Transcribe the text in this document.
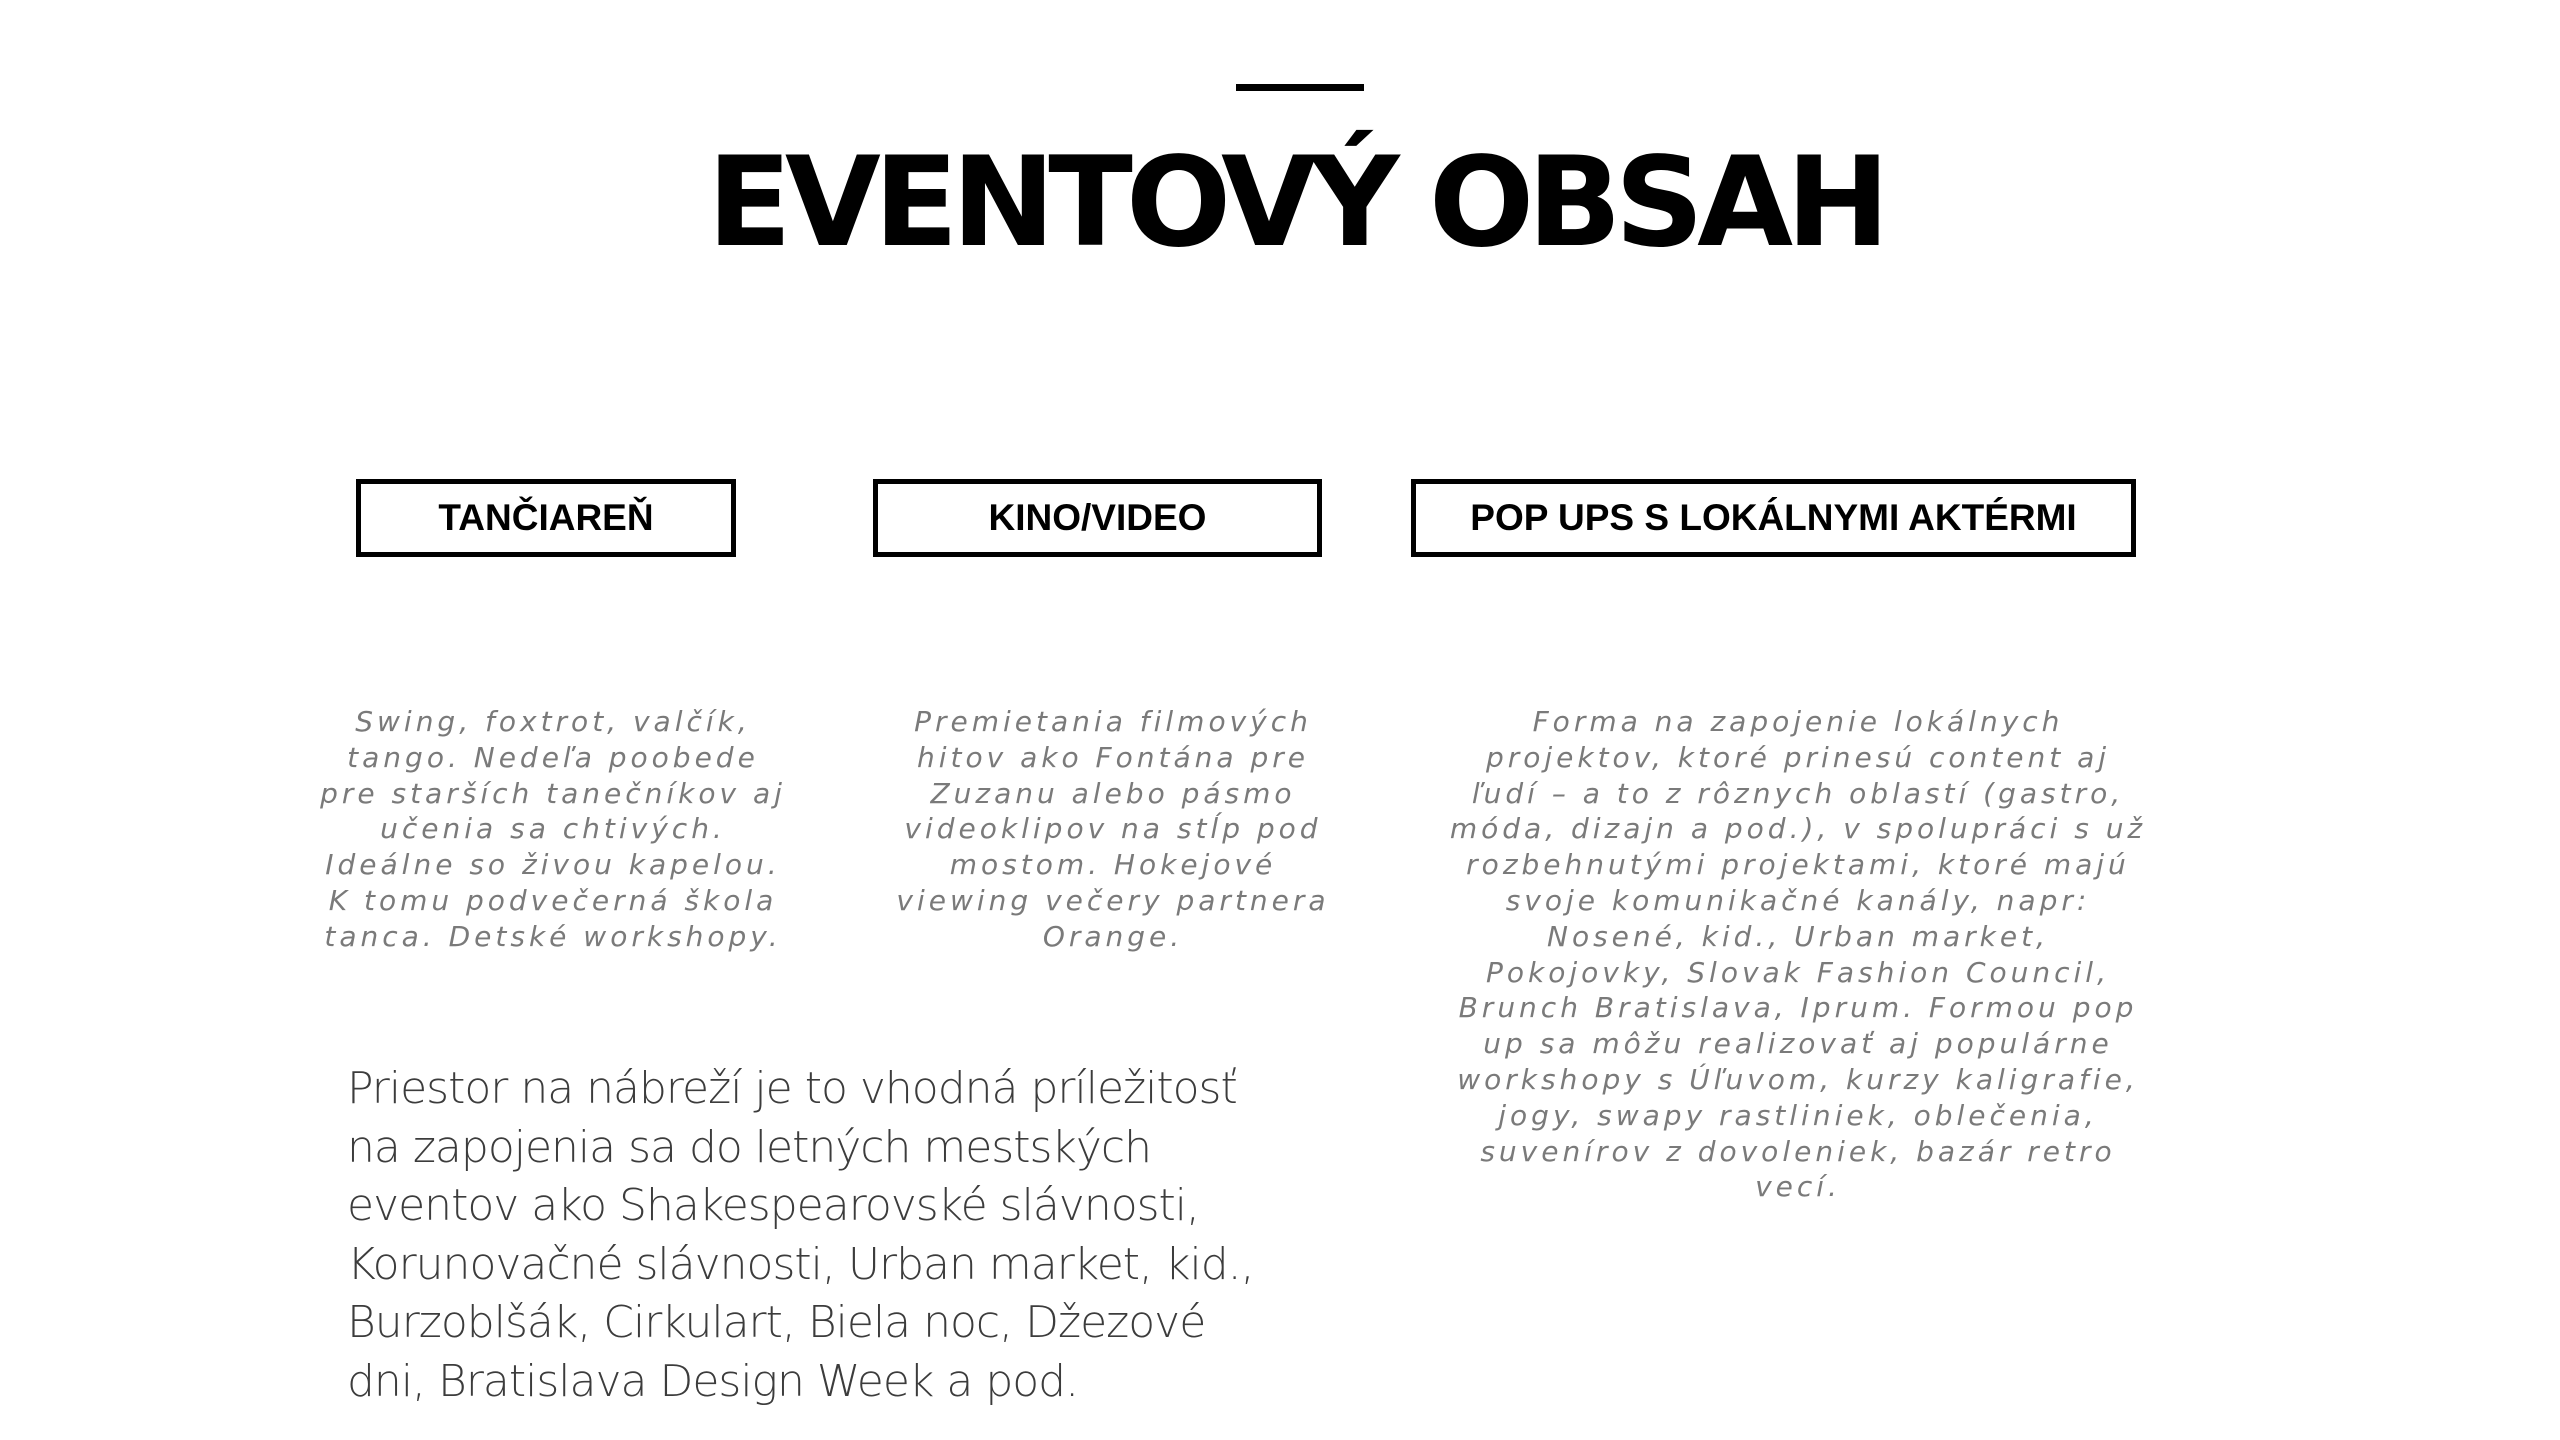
EVENTOVÝ OBSAH
TANČIAREŇ	KINO/VIDEO	POP UPS S LOKÁLNYMI AKTÉRMI
Swing, foxtrot, valčík, tango. Nedeľa poobede pre starších tanečníkov aj učenia sa chtivých. Ideálne so živou kapelou. K tomu podvečerná škola tanca. Detské workshopy.
Premietania filmových hitov ako Fontána pre Zuzanu alebo pásmo videoklipov na stĺp pod mostom. Hokejové viewing večery partnera Orange.
Forma na zapojenie lokálnych projektov, ktoré prinesú content aj ľudí – a to z rôznych oblastí (gastro, móda, dizajn a pod.), v spolupráci s už rozbehnutými projektami, ktoré majú svoje komunikačné kanály, napr: Nosené, kid., Urban market, Pokojovky, Slovak Fashion Council, Brunch Bratislava, Iprum. Formou pop up sa môžu realizovať aj populárne workshopy s Úľuvom, kurzy kaligrafie, jogy, swapy rastliniek, oblečenia, suvenírov z dovoleniek, bazár retro vecí.
Priestor na nábreží je to vhodná príležitosť na zapojenia sa do letných mestských eventov ako Shakespearovské slávnosti, Korunovačné slávnosti, Urban market, kid., Burzoblšák, Cirkulart, Biela noc, Džezové dni, Bratislava Design Week a pod.
